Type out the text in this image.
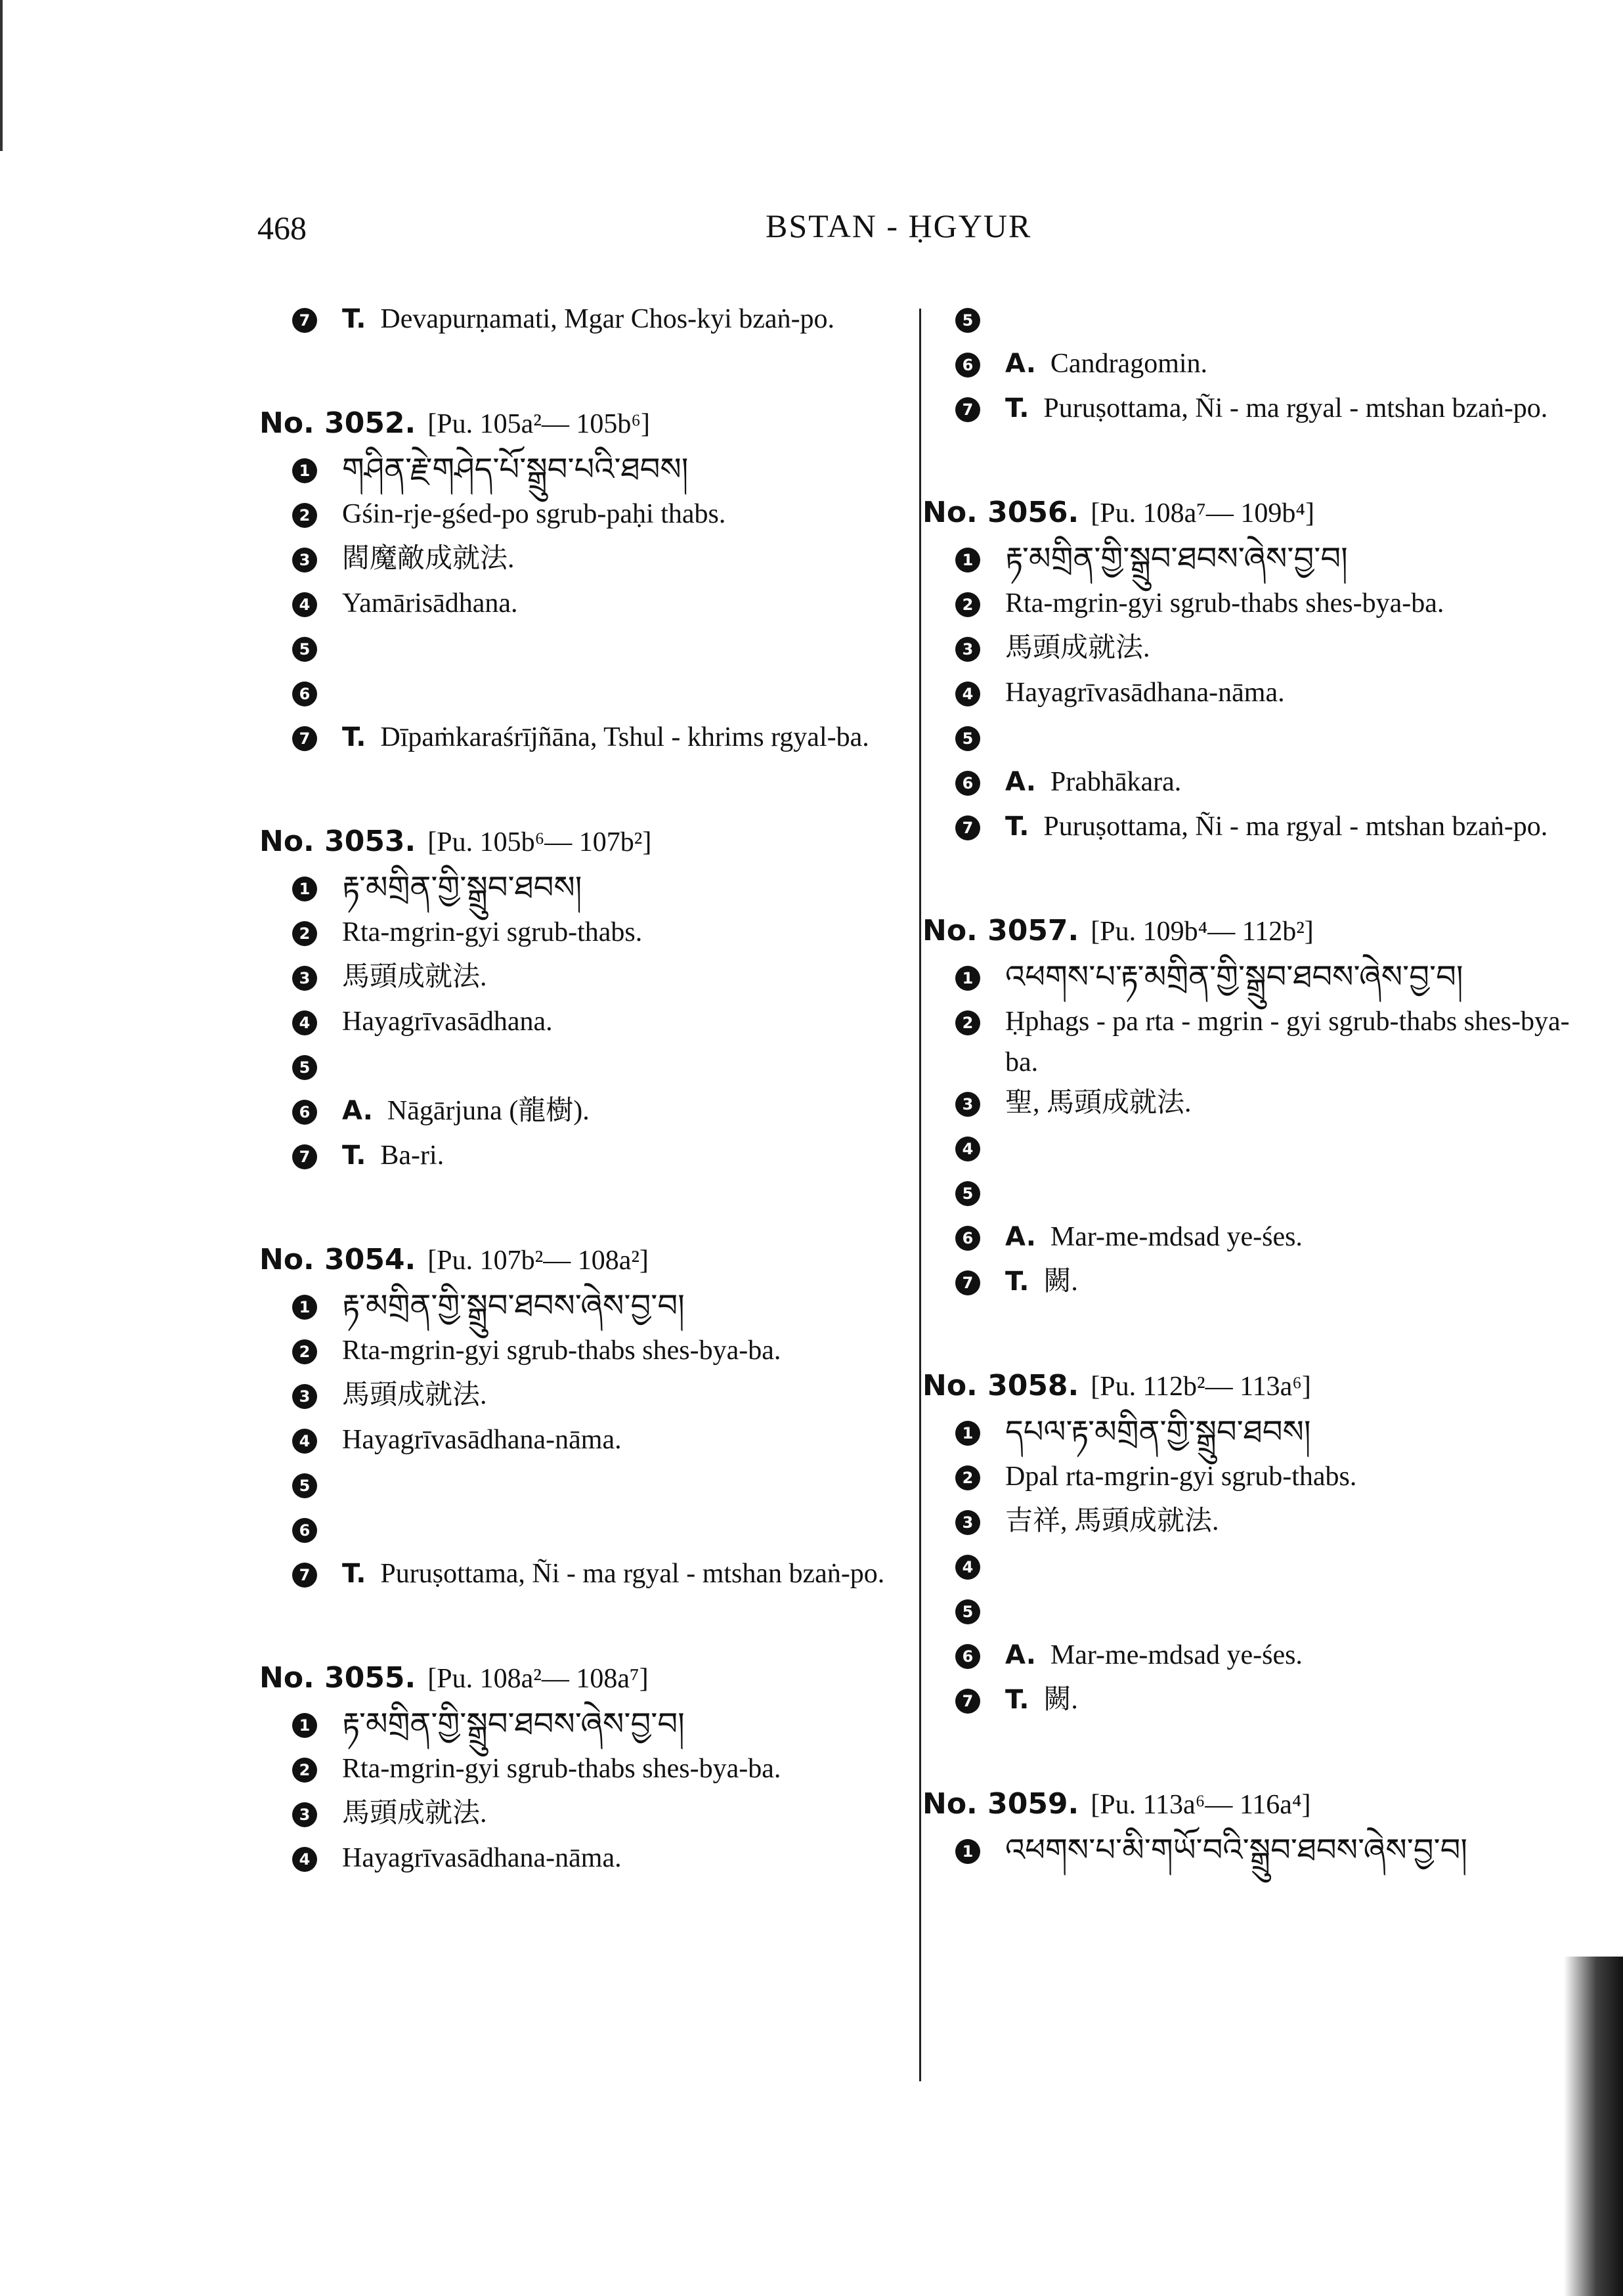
468	BSTAN - ḤGYUR
7 T. Devapurṇamati, Mgar Chos-kyi bzaṅ-po.
No. 3052. [Pu. 105a²— 105b⁶]
1 གཤིན་རྗེ་གཤེད་པོ་སྒྲུབ་པའི་ཐབས།
2 Gśin-rje-gśed-po sgrub-paḥi thabs.
3 閻魔敵成就法.
4 Yamārisādhana.
5
6
7 T. Dīpaṁkaraśrījñāna, Tshul - khrims rgyal-ba.
No. 3053. [Pu. 105b⁶— 107b²]
1 རྟ་མགྲིན་གྱི་སྒྲུབ་ཐབས།
2 Rta-mgrin-gyi sgrub-thabs.
3 馬頭成就法.
4 Hayagrīvasādhana.
5
6 A. Nāgārjuna (龍樹).
7 T. Ba-ri.
No. 3054. [Pu. 107b²— 108a²]
1 རྟ་མགྲིན་གྱི་སྒྲུབ་ཐབས་ཞེས་བྱ་བ།
2 Rta-mgrin-gyi sgrub-thabs shes-bya-ba.
3 馬頭成就法.
4 Hayagrīvasādhana-nāma.
5
6
7 T. Puruṣottama, Ñi - ma rgyal - mtshan bzaṅ-po.
No. 3055. [Pu. 108a²— 108a⁷]
1 རྟ་མགྲིན་གྱི་སྒྲུབ་ཐབས་ཞེས་བྱ་བ།
2 Rta-mgrin-gyi sgrub-thabs shes-bya-ba.
3 馬頭成就法.
4 Hayagrīvasādhana-nāma.
5
6 A. Candragomin.
7 T. Puruṣottama, Ñi - ma rgyal - mtshan bzaṅ-po.
No. 3056. [Pu. 108a⁷— 109b⁴]
1 རྟ་མགྲིན་གྱི་སྒྲུབ་ཐབས་ཞེས་བྱ་བ།
2 Rta-mgrin-gyi sgrub-thabs shes-bya-ba.
3 馬頭成就法.
4 Hayagrīvasādhana-nāma.
5
6 A. Prabhākara.
7 T. Puruṣottama, Ñi - ma rgyal - mtshan bzaṅ-po.
No. 3057. [Pu. 109b⁴— 112b²]
1 འཕགས་པ་རྟ་མགྲིན་གྱི་སྒྲུབ་ཐབས་ཞེས་བྱ་བ།
2 Ḥphags - pa rta - mgrin - gyi sgrub-thabs shes-bya-ba.
3 聖, 馬頭成就法.
4
5
6 A. Mar-me-mdsad ye-śes.
7 T. 闕.
No. 3058. [Pu. 112b²— 113a⁶]
1 དཔལ་རྟ་མགྲིན་གྱི་སྒྲུབ་ཐབས།
2 Dpal rta-mgrin-gyi sgrub-thabs.
3 吉祥, 馬頭成就法.
4
5
6 A. Mar-me-mdsad ye-śes.
7 T. 闕.
No. 3059. [Pu. 113a⁶— 116a⁴]
1 འཕགས་པ་མི་གཡོ་བའི་སྒྲུབ་ཐབས་ཞེས་བྱ་བ།
